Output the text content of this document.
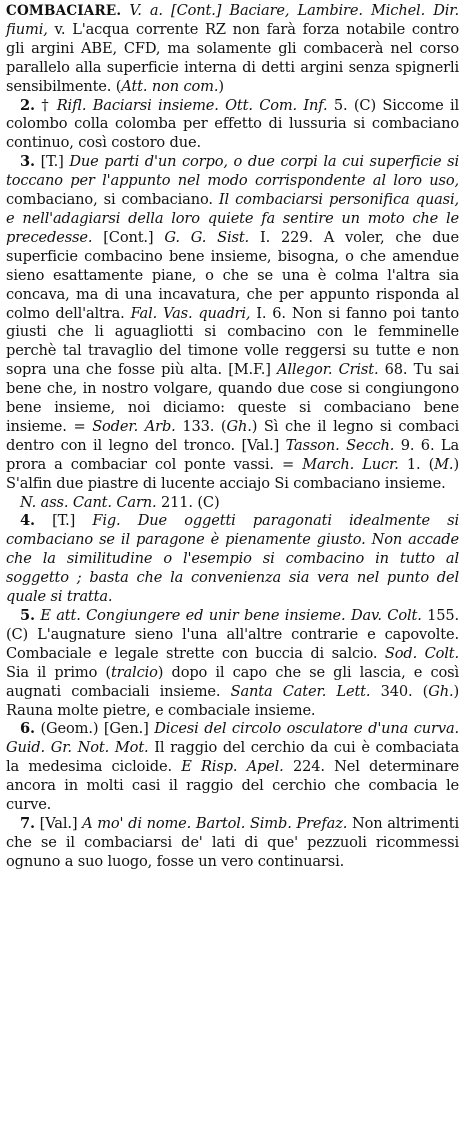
COMBACIARE. V. a. [Cont.] Baciare, Lambire. Michel. Dir. fiumi, v. L'acqua corrente RZ non farà forza notabile contro gli argini ABE, CFD, ma solamente gli combacerà nel corso parallelo alla superficie interna di detti argini senza spignerli sensibilmente. (Att. non com.)

2. † Rifl. Baciarsi insieme. Ott. Com. Inf. 5. (C) Siccome il colombo colla colomba per effetto di lussuria si combaciano continuo, così costoro due.

3. [T.] Due parti d'un corpo, o due corpi la cui superficie si toccano per l'appunto nel modo corrispondente al loro uso, combaciano, si combaciano. Il combaciarsi personifica quasi, e nell'adagiarsi della loro quiete fa sentire un moto che le precedesse. [Cont.] G. G. Sist. I. 229. A voler, che due superficie combacino bene insieme, bisogna, o che amendue sieno esattamente piane, o che se una è colma l'altra sia concava, ma di una incavatura, che per appunto risponda al colmo dell'altra. Fal. Vas. quadri, I. 6. Non si fanno poi tanto giusti che li aguagliotti si combacino con le femminelle perchè tal travaglio del timone volle reggersi su tutte e non sopra una che fosse più alta. [M.F.] Allegor. Crist. 68. Tu sai bene che, in nostro volgare, quando due cose si congiungono bene insieme, noi diciamo: queste si combaciano bene insieme. = Soder. Arb. 133. (Gh.) Sì che il legno si combaci dentro con il legno del tronco. [Val.] Tasson. Secch. 9. 6. La prora a combaciar col ponte vassi. = March. Lucr. 1. (M.) S'alfin due piastre di lucente acciajo Si combaciano insieme.

N. ass. Cant. Carn. 211. (C)

4. [T.] Fig. Due oggetti paragonati idealmente si combaciano se il paragone è pienamente giusto. Non accade che la similitudine o l'esempio si combacino in tutto al soggetto ; basta che la convenienza sia vera nel punto del quale si tratta.

5. E att. Congiungere ed unir bene insieme. Dav. Colt. 155. (C) L'augnature sieno l'una all'altre contrarie e capovolte. Combaciale e legale strette con buccia di salcio. Sod. Colt. Sia il primo (tralcio) dopo il capo che se gli lascia, e così augnati combaciali insieme. Santa Cater. Lett. 340. (Gh.) Rauna molte pietre, e combaciale insieme.

6. (Geom.) [Gen.] Dicesi del circolo osculatore d'una curva. Guid. Gr. Not. Mot. Il raggio del cerchio da cui è combaciata la medesima cicloide. E Risp. Apel. 224. Nel determinare ancora in molti casi il raggio del cerchio che combacia le curve.

7. [Val.] A mo' di nome. Bartol. Simb. Prefaz. Non altrimenti che se il combaciarsi de' lati di que' pezzuoli ricommessi ognuno a suo luogo, fosse un vero continuarsi.
